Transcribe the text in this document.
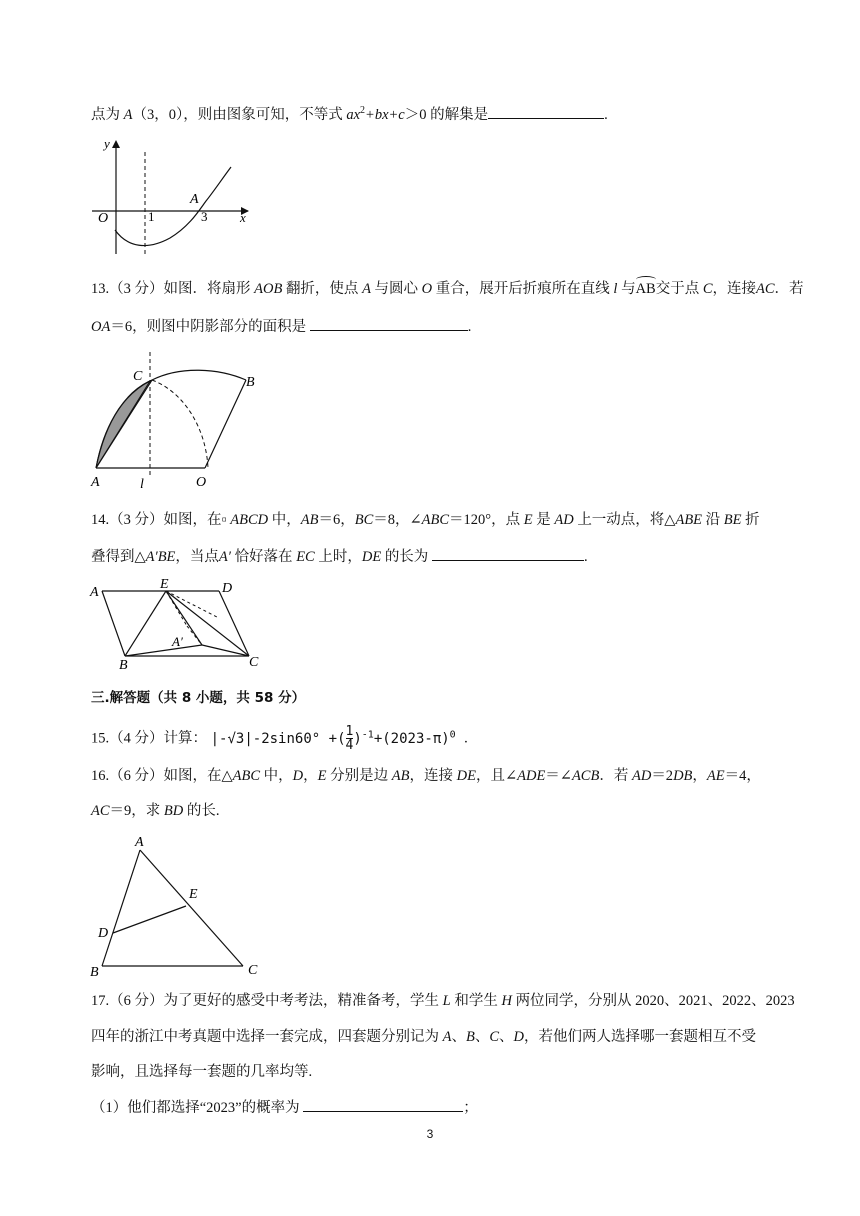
点为 A（3，0），则由图象可知，不等式 $ax^2+bx+c>0$ 的解集是	.
y
x
O	1	3
A
13.（3 分）如图．将扇形 AOB 翻折，使点 A 与圆心 O 重合，展开后折痕所在直线 l 与AB交于点 C，连接AC．若
OA＝6，则图中阴影部分的面积是	.
C	B
A	l	O
14.（3 分）如图，在▫ ABCD 中，AB＝6，BC＝8，∠ABC＝120°，点 E 是 AD 上一动点，将△ABE 沿 BE 折
叠得到△A′BE，当点A′ 恰好落在 EC 上时，DE 的长为	.
A
E	D
A′
B	C
三.解答题（共 8 小题，共 58 分）
15.（4 分）计算： |-√3|-2sin60° +( $\frac{1}{4} )^{-1}+(2023-\pi)^0$ .
16.（6 分）如图，在△ABC 中，D，E 分别是边 AB，连接 DE，且∠ADE＝∠ACB．若 AD＝2DB，AE＝4，
AC＝9，求 BD 的长.
A
E
D
B	C
17.（6 分）为了更好的感受中考考法，精准备考，学生 L 和学生 H 两位同学，分别从 2020、2021、2022、2023
四年的浙江中考真题中选择一套完成，四套题分别记为 A、B、C、D，若他们两人选择哪一套题相互不受
影响，且选择每一套题的几率均等.
（1）他们都选择“2023”的概率为	；
3
